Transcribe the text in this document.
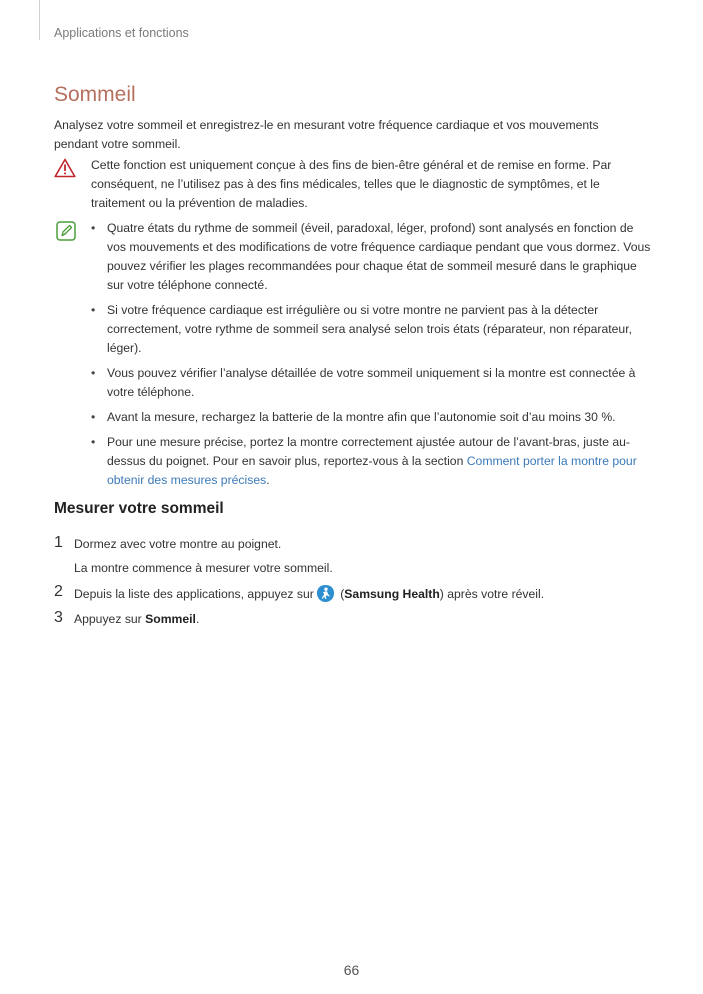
Applications et fonctions
Sommeil
Analysez votre sommeil et enregistrez-le en mesurant votre fréquence cardiaque et vos mouvements pendant votre sommeil.
Cette fonction est uniquement conçue à des fins de bien-être général et de remise en forme. Par conséquent, ne l’utilisez pas à des fins médicales, telles que le diagnostic de symptômes, et le traitement ou la prévention de maladies.
• Quatre états du rythme de sommeil (éveil, paradoxal, léger, profond) sont analysés en fonction de vos mouvements et des modifications de votre fréquence cardiaque pendant que vous dormez. Vous pouvez vérifier les plages recommandées pour chaque état de sommeil mesuré dans le graphique sur votre téléphone connecté.
• Si votre fréquence cardiaque est irrégulière ou si votre montre ne parvient pas à la détecter correctement, votre rythme de sommeil sera analysé selon trois états (réparateur, non réparateur, léger).
• Vous pouvez vérifier l’analyse détaillée de votre sommeil uniquement si la montre est connectée à votre téléphone.
• Avant la mesure, rechargez la batterie de la montre afin que l’autonomie soit d’au moins 30 %.
• Pour une mesure précise, portez la montre correctement ajustée autour de l’avant-bras, juste au-dessus du poignet. Pour en savoir plus, reportez-vous à la section Comment porter la montre pour obtenir des mesures précises.
Mesurer votre sommeil
1 Dormez avec votre montre au poignet.
La montre commence à mesurer votre sommeil.
2 Depuis la liste des applications, appuyez sur (Samsung Health) après votre réveil.
3 Appuyez sur Sommeil.
66
